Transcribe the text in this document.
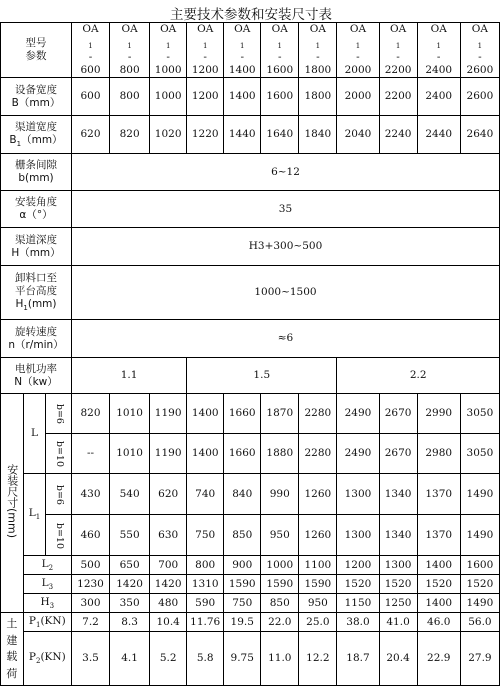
主要技术参数和安装尺寸表
型号
参数			OA
$_1$
-
600	OA
$_1$
-
800	OA
$_1$
-
1000	OA
$_1$
-
1200	OA
$_1$
-
1400	OA
$_1$
-
1600	OA
$_1$
-
1800	OA
$_1$
-
2000	OA
$_1$
-
2200	OA
$_1$
-
2400	OA
$_1$
-
2600

设备宽度
B（mm）			600	800	1000	1200	1400	1600	1800	2000	2200	2400	2600
渠道宽度
$B_1(mm)$			620	820	1020	1220	1440	1640	1840	2040	2240	2440	2640
栅条间隙
b(mm)			6~12										
安装角度
α（°）			35										
渠道深度
H（mm）			H3+300~500										
卸料口至
平台高度
$H_1(mm)$			1000~1500										
旋转速度
n（r/min）			≈6										
电机功率
N（kw）			1.1			1.5				2.2			
安装尺寸(mm)	L	b=6	820	1010	1190	1400	1660	1870	2280	2490	2670	2990	3050
		b=10	--	1010	1190	1400	1660	1880	2280	2490	2670	2980	3050
	$L_1$	b=6	430	540	620	740	840	990	1260	1300	1340	1370	1490
		b=10	460	550	630	750	850	950	1260	1300	1340	1370	1490
	$L_2$		500	650	700	800	900	1000	1100	1200	1300	1400	1600
	$L_3$		1230	1420	1420	1310	1590	1590	1590	1520	1520	1520	1520
	$H_3$		300	350	480	590	750	850	950	1150	1250	1400	1490

土
建
载
荷	$P_1(KN)$		7.2	8.3	10.4	11.76	19.5	22.0	25.0	38.0	41.0	46.0	56.0
	$P_2(KN)$		3.5	4.1	5.2	5.8	9.75	11.0	12.2	18.7	20.4	22.9	27.9
